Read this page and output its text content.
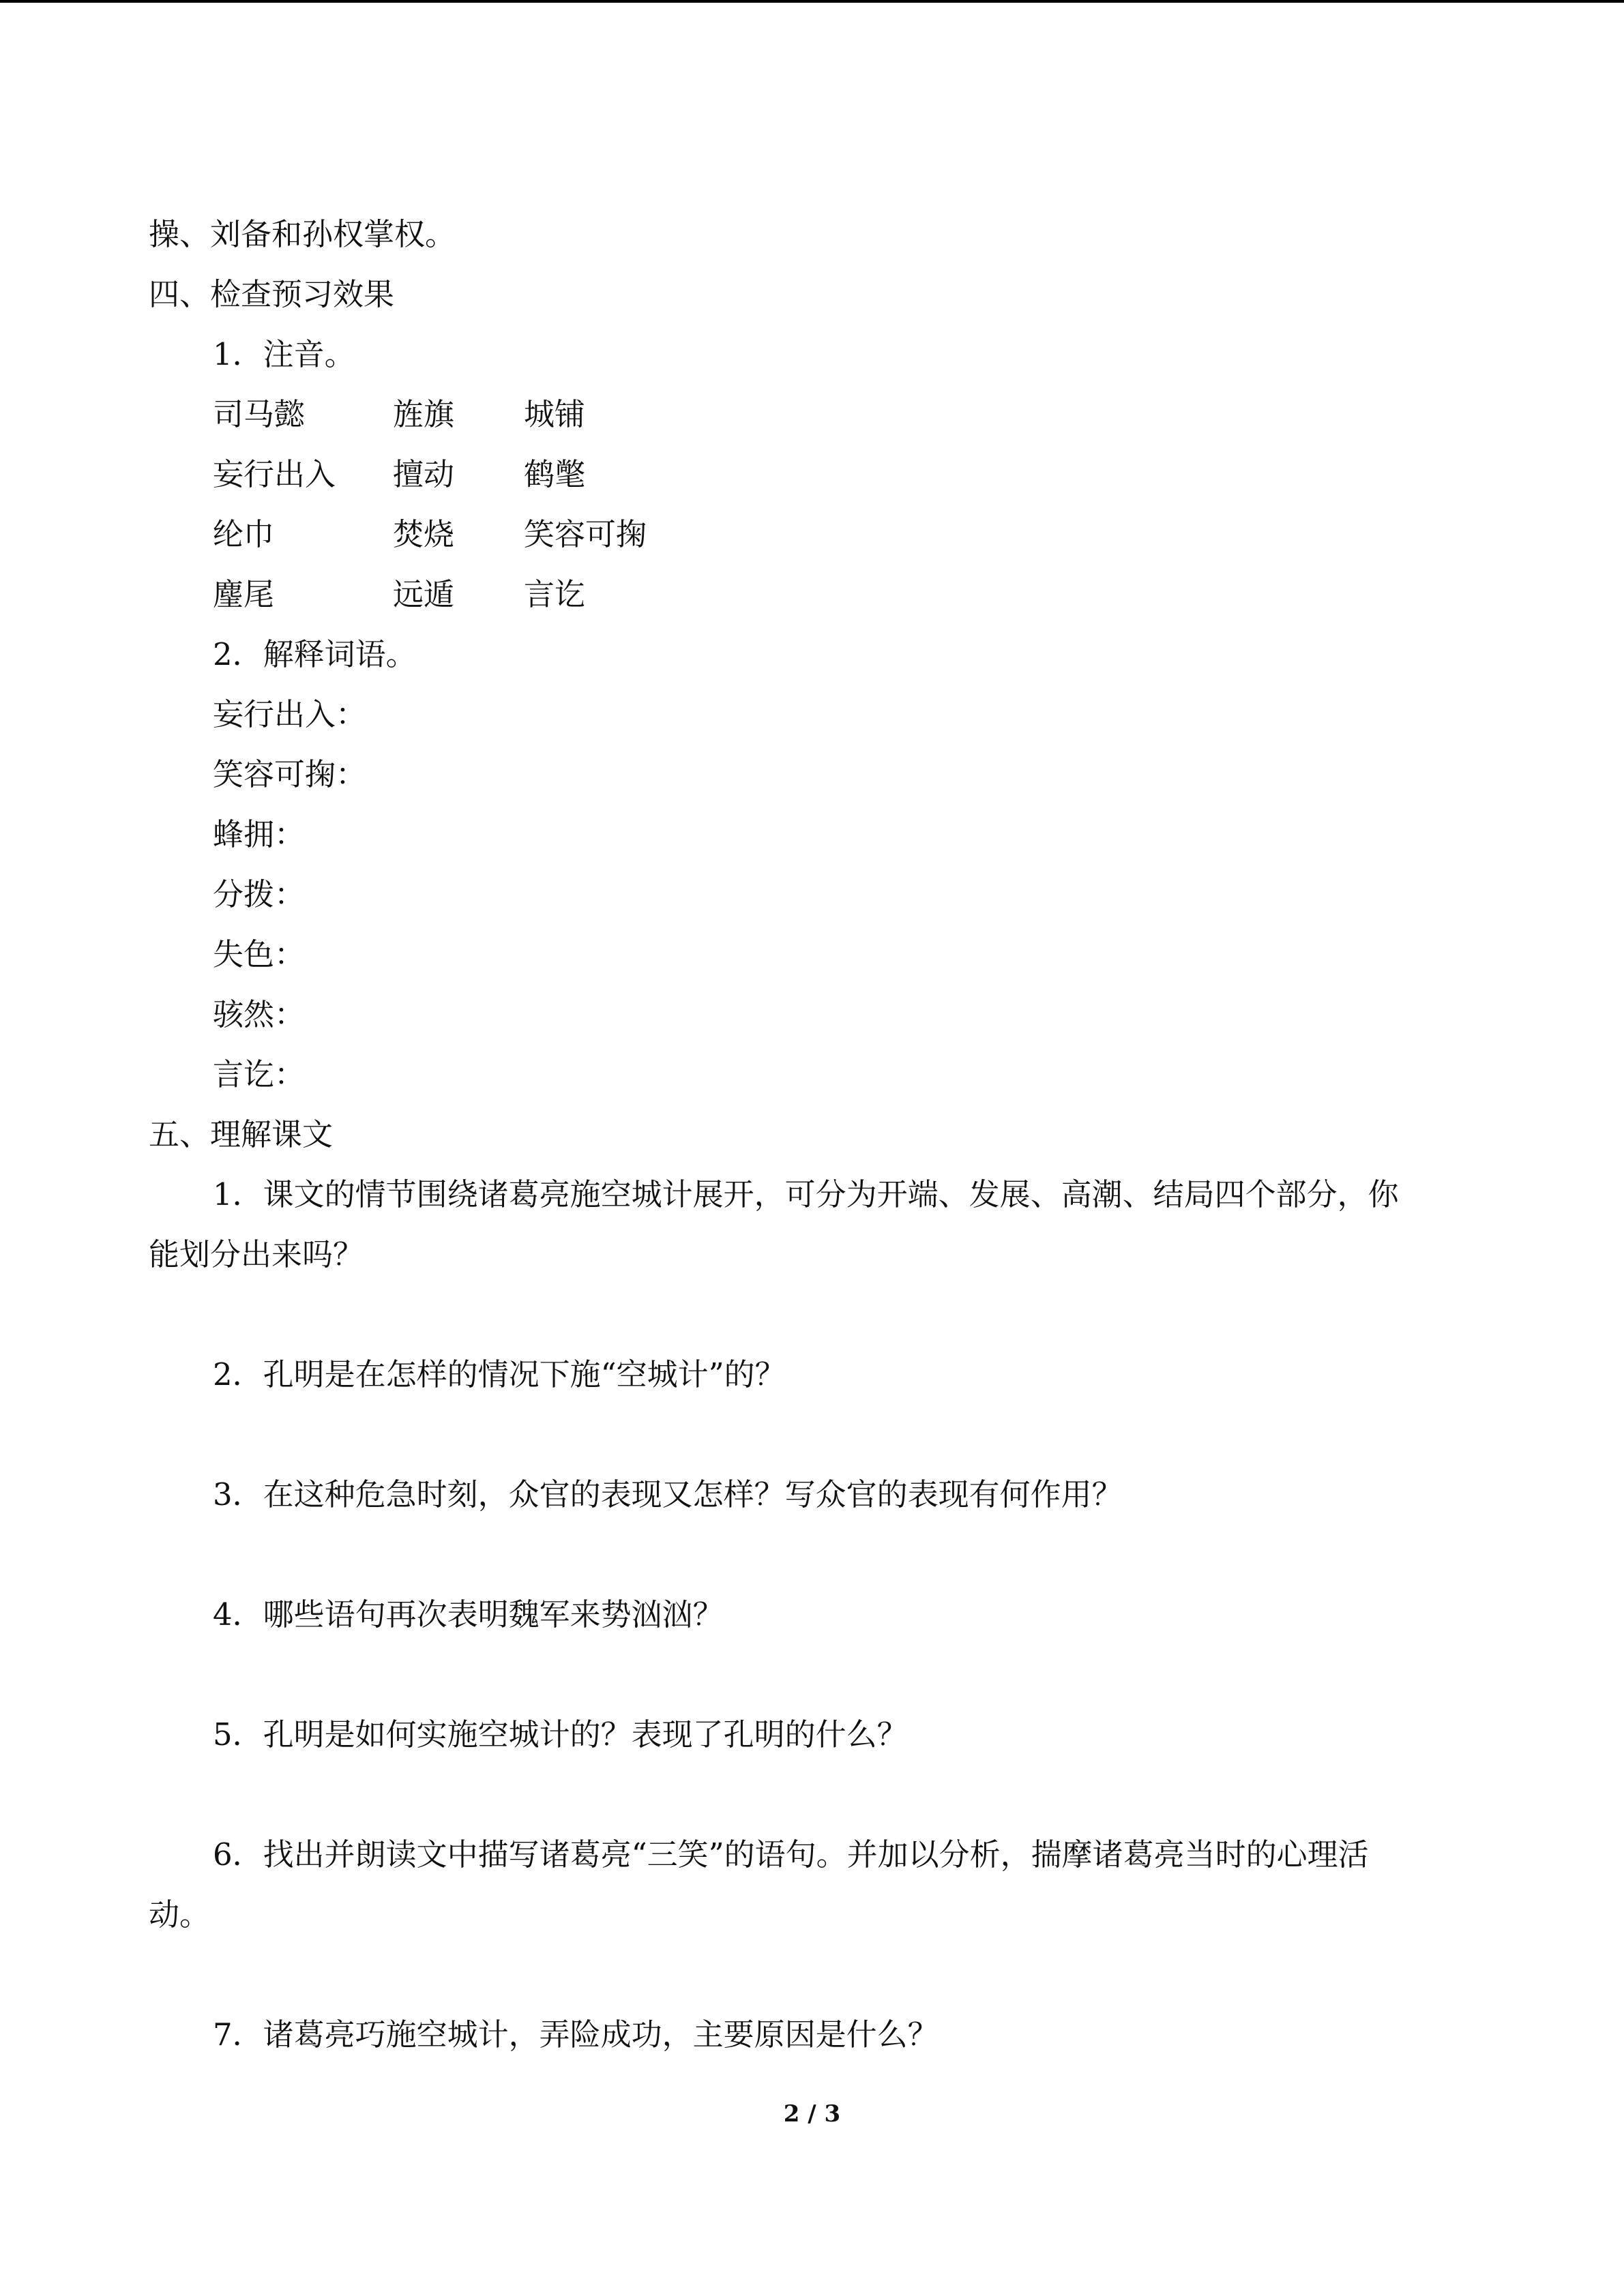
操、刘备和孙权掌权。
四、检查预习效果
1．注音。
司马懿	旌旗 城铺
妄行出入 擅动 鹤氅
纶巾	焚烧 笑容可掬
麈尾	远遁 言讫
2．解释词语。
妄行出入：
笑容可掬：
蜂拥：
分拨：
失色：
骇然：
言讫：
五、理解课文
1．课文的情节围绕诸葛亮施空城计展开，可分为开端、发展、高潮、结局四个部分，你
能划分出来吗？
2．孔明是在怎样的情况下施“空城计”的？
3．在这种危急时刻，众官的表现又怎样？写众官的表现有何作用？
4．哪些语句再次表明魏军来势汹汹？
5．孔明是如何实施空城计的？表现了孔明的什么？
6．找出并朗读文中描写诸葛亮“三笑”的语句。并加以分析，揣摩诸葛亮当时的心理活
动。
7．诸葛亮巧施空城计，弄险成功，主要原因是什么？
2 / 3
